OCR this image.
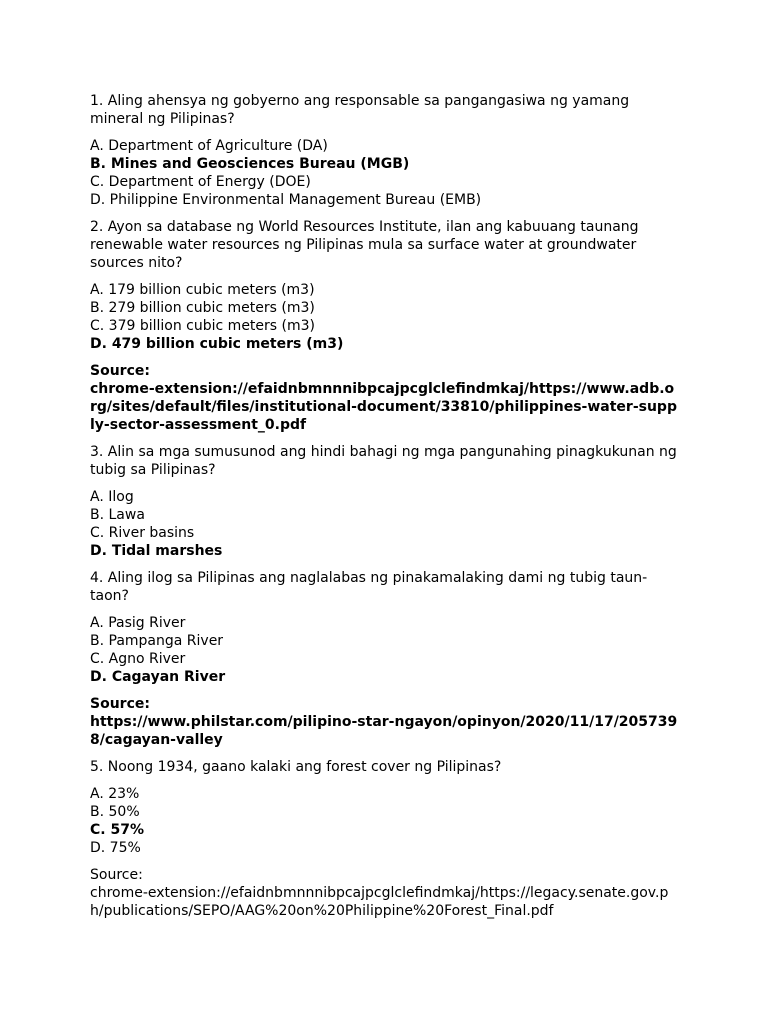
1. Aling ahensya ng gobyerno ang responsable sa pangangasiwa ng yamang mineral ng Pilipinas?

A. Department of Agriculture (DA)
B. Mines and Geosciences Bureau (MGB)
C. Department of Energy (DOE)
D. Philippine Environmental Management Bureau (EMB)

2. Ayon sa database ng World Resources Institute, ilan ang kabuuang taunang renewable water resources ng Pilipinas mula sa surface water at groundwater sources nito?

A. 179 billion cubic meters (m3)
B. 279 billion cubic meters (m3)
C. 379 billion cubic meters (m3)
D. 479 billion cubic meters (m3)
Source:
chrome-extension://efaidnbmnnnibpcajpcglclefindmkaj/https://www.adb.org/sites/default/files/institutional-document/33810/philippines-water-supply-sector-assessment_0.pdf

3. Alin sa mga sumusunod ang hindi bahagi ng mga pangunahing pinagkukunan ng tubig sa Pilipinas?

A. Ilog
B. Lawa
C. River basins
D. Tidal marshes

4. Aling ilog sa Pilipinas ang naglalabas ng pinakamalaking dami ng tubig taun-taon?

A. Pasig River
B. Pampanga River
C. Agno River
D. Cagayan River
Source:
https://www.philstar.com/pilipino-star-ngayon/opinyon/2020/11/17/2057398/cagayan-valley

5. Noong 1934, gaano kalaki ang forest cover ng Pilipinas?

A. 23%
B. 50%
C. 57%
D. 75%
Source:
chrome-extension://efaidnbmnnnibpcajpcglclefindmkaj/https://legacy.senate.gov.ph/publications/SEPO/AAG%20on%20Philippine%20Forest_Final.pdf
